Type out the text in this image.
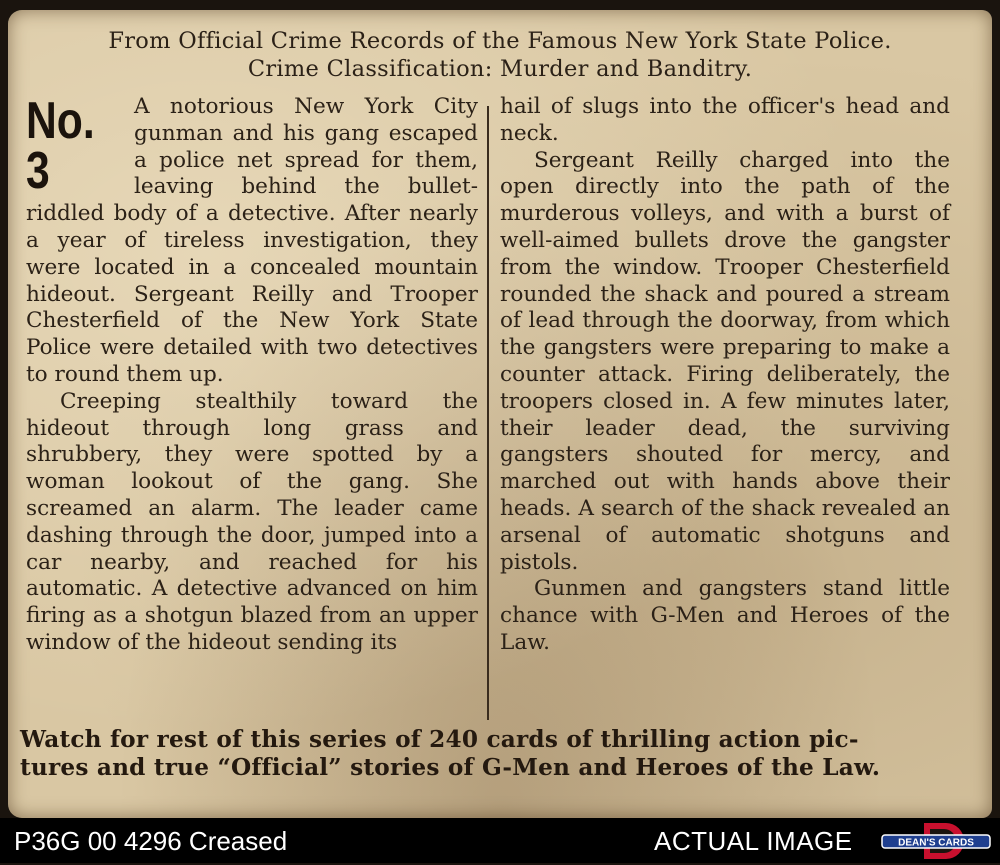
From Official Crime Records of the Famous New York State Police.
Crime Classification: Murder and Banditry.
No. 3

A notorious New York City gunman and his gang escaped a police net spread for them, leaving behind the bullet-riddled body of a detective. After nearly a year of tireless investigation, they were located in a concealed mountain hideout. Sergeant Reilly and Trooper Chesterfield of the New York State Police were detailed with two detectives to round them up.

Creeping stealthily toward the hideout through long grass and shrubbery, they were spotted by a woman lookout of the gang. She screamed an alarm. The leader came dashing through the door, jumped into a car nearby, and reached for his automatic. A detective advanced on him firing as a shotgun blazed from an upper window of the hideout sending its

hail of slugs into the officer's head and neck.

Sergeant Reilly charged into the open directly into the path of the murderous volleys, and with a burst of well-aimed bullets drove the gangster from the window. Trooper Chesterfield rounded the shack and poured a stream of lead through the doorway, from which the gangsters were preparing to make a counter attack. Firing deliberately, the troopers closed in. A few minutes later, their leader dead, the surviving gangsters shouted for mercy, and marched out with hands above their heads. A search of the shack revealed an arsenal of automatic shotguns and pistols.

Gunmen and gangsters stand little chance with G-Men and Heroes of the Law.

Watch for rest of this series of 240 cards of thrilling action pic-
tures and true “Official” stories of G-Men and Heroes of the Law.
P36G 00 4296 Creased	ACTUAL IMAGE	DEAN'S CARDS
